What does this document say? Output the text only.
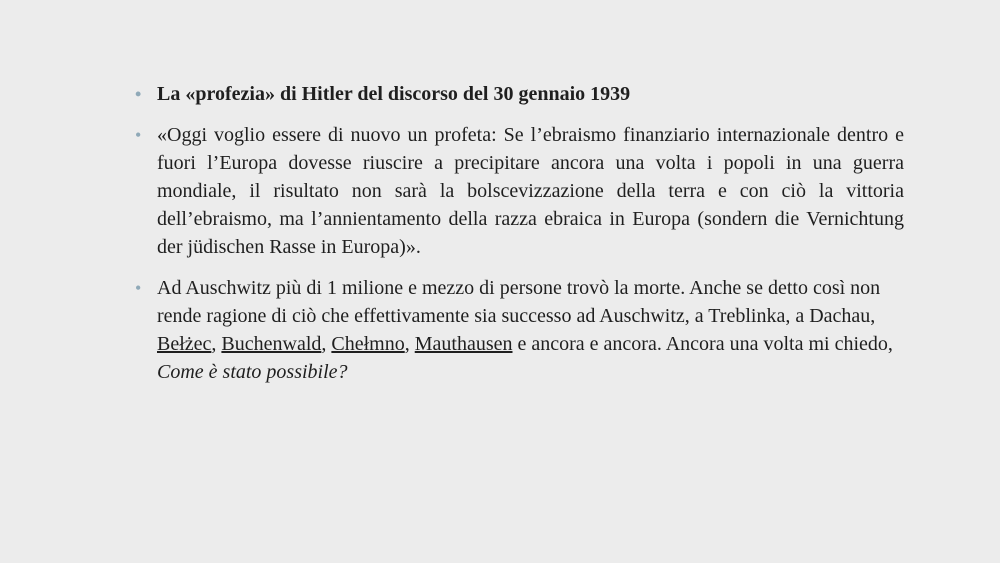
• La «profezia» di Hitler del discorso del 30 gennaio 1939
• «Oggi voglio essere di nuovo un profeta: Se l’ebraismo finanziario internazionale dentro e fuori l’Europa dovesse riuscire a precipitare ancora una volta i popoli in una guerra mondiale, il risultato non sarà la bolscevizzazione della terra e con ciò la vittoria dell’ebraismo, ma l’annientamento della razza ebraica in Europa (sondern die Vernichtung der jüdischen Rasse in Europa)».
• Ad Auschwitz più di 1 milione e mezzo di persone trovò la morte. Anche se detto così non rende ragione di ciò che effettivamente sia successo ad Auschwitz, a Treblinka, a Dachau, Bełżec, Buchenwald, Chełmno, Mauthausen e ancora e ancora. Ancora una volta mi chiedo, Come è stato possibile?
